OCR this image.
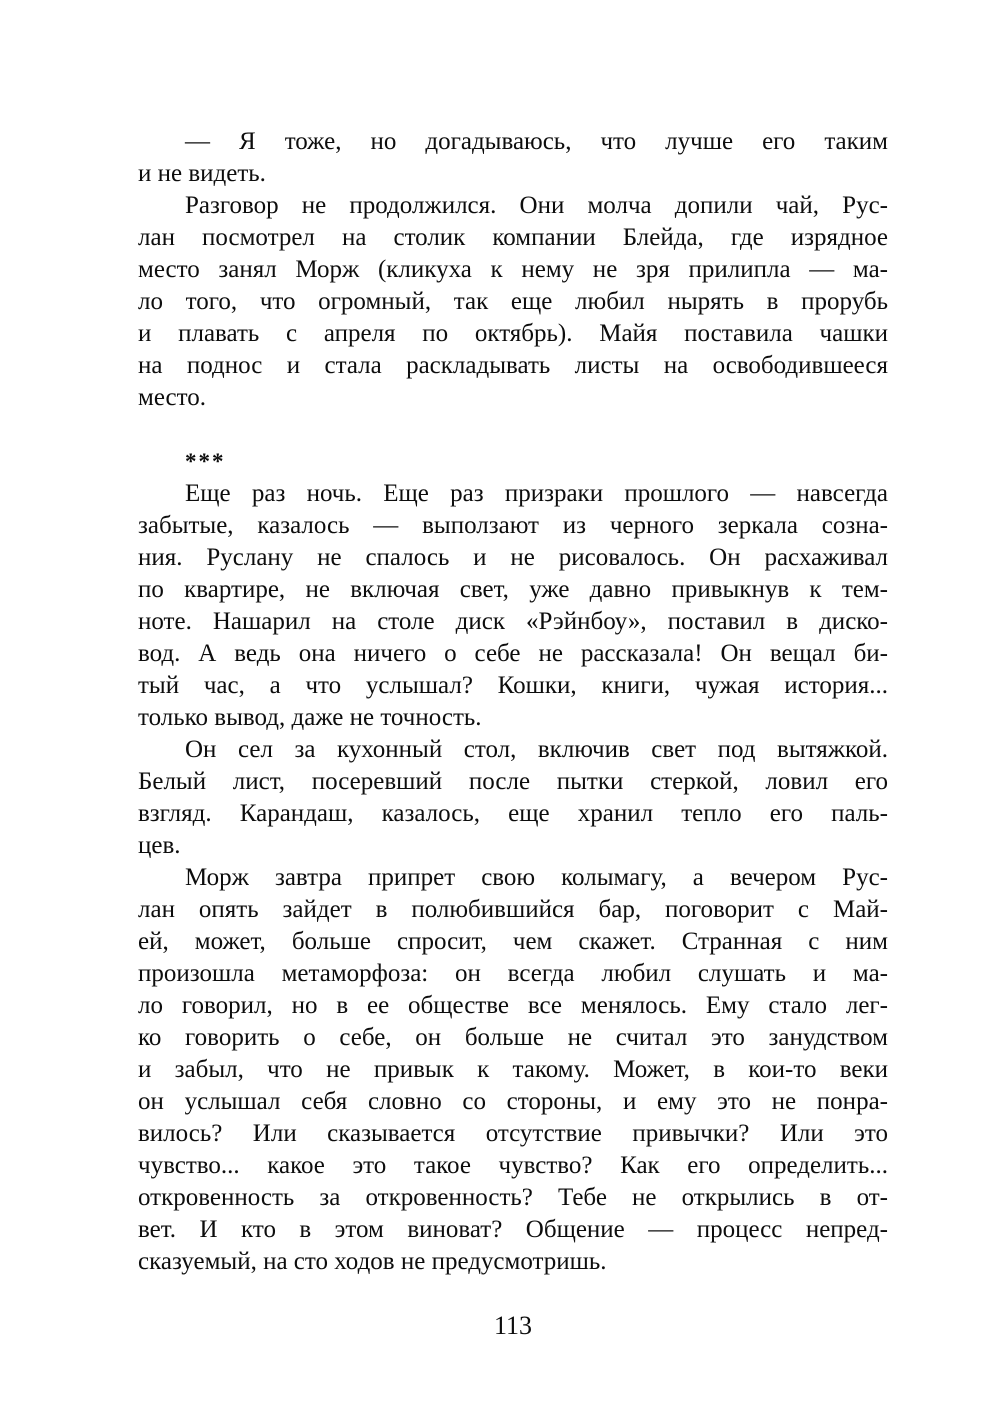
— Я тоже, но догадываюсь, что лучше его таким
и не видеть.
Разговор не продолжился. Они молча допили чай, Рус-
лан посмотрел на столик компании Блейда, где изрядное
место занял Морж (кликуха к нему не зря прилипла — ма-
ло того, что огромный, так еще любил нырять в прорубь
и плавать с апреля по октябрь). Майя поставила чашки
на поднос и стала раскладывать листы на освободившееся
место.
***
Еще раз ночь. Еще раз призраки прошлого — навсегда
забытые, казалось — выползают из черного зеркала созна-
ния. Руслану не спалось и не рисовалось. Он расхаживал
по квартире, не включая свет, уже давно привыкнув к тем-
ноте. Нашарил на столе диск «Рэйнбоу», поставил в диско-
вод. А ведь она ничего о себе не рассказала! Он вещал би-
тый час, а что услышал? Кошки, книги, чужая история...
только вывод, даже не точность.
Он сел за кухонный стол, включив свет под вытяжкой.
Белый лист, посеревший после пытки стеркой, ловил его
взгляд. Карандаш, казалось, еще хранил тепло его паль-
цев.
Морж завтра припрет свою колымагу, а вечером Рус-
лан опять зайдет в полюбившийся бар, поговорит с Май-
ей, может, больше спросит, чем скажет. Странная с ним
произошла метаморфоза: он всегда любил слушать и ма-
ло говорил, но в ее обществе все менялось. Ему стало лег-
ко говорить о себе, он больше не считал это занудством
и забыл, что не привык к такому. Может, в кои-то веки
он услышал себя словно со стороны, и ему это не понра-
вилось? Или сказывается отсутствие привычки? Или это
чувство... какое это такое чувство? Как его определить...
откровенность за откровенность? Тебе не открылись в от-
вет. И кто в этом виноват? Общение — процесс непред-
сказуемый, на сто ходов не предусмотришь.
113
